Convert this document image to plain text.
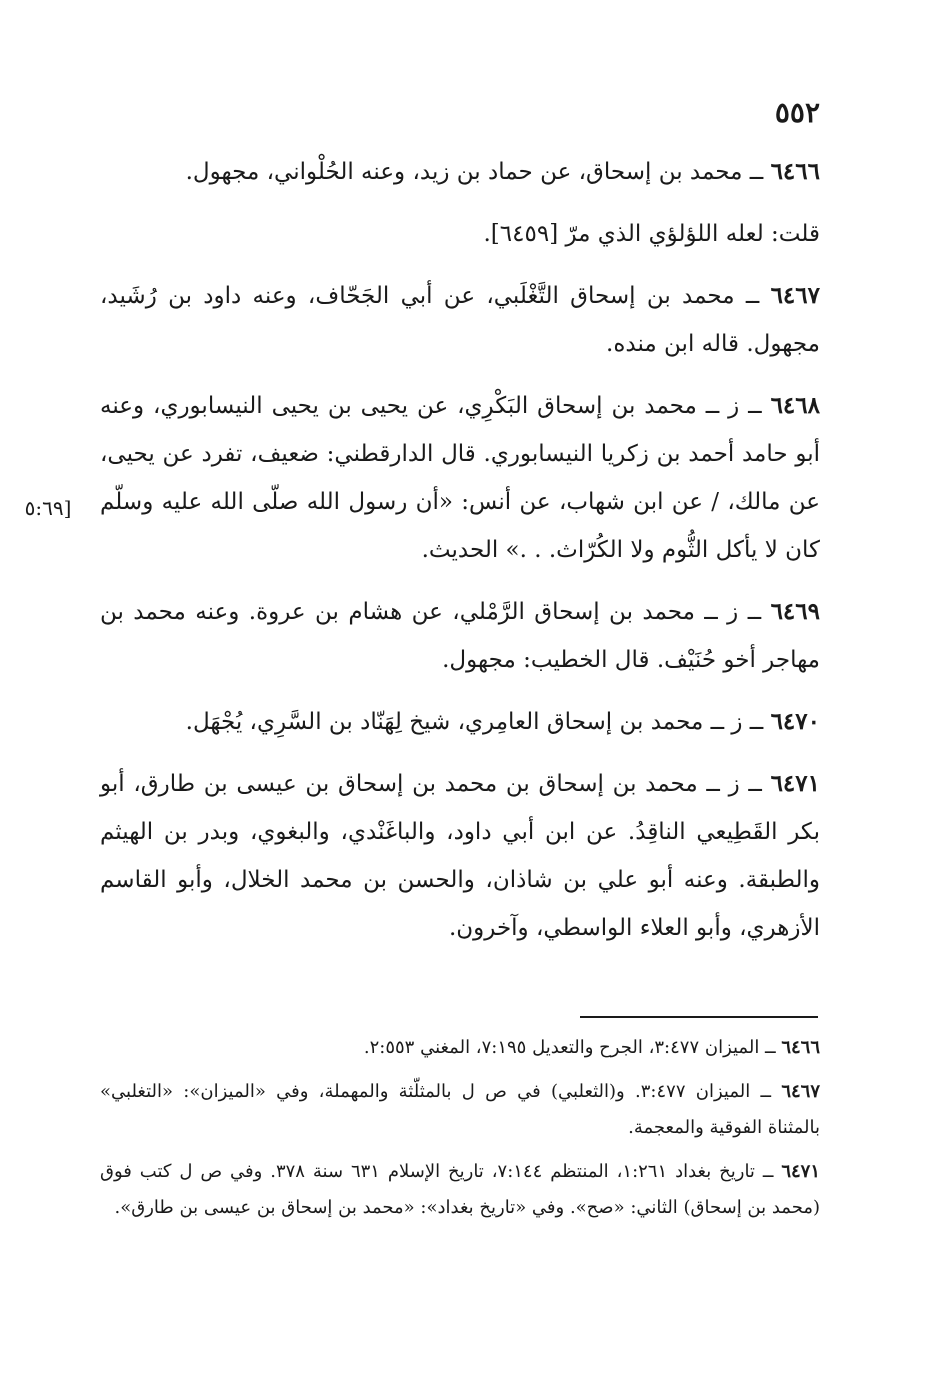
٥٥٢

٦٤٦٦ ــ محمد بن إسحاق، عن حماد بن زيد، وعنه الحُلْواني، مجهول.

قلت: لعله اللؤلؤي الذي مرّ [٦٤٥٩].

٦٤٦٧ ــ محمد بن إسحاق التَّغْلَبي، عن أبي الجَحّاف، وعنه داود بن رُشَيد، مجهول. قاله ابن منده.

٦٤٦٨ ــ ز ــ محمد بن إسحاق البَكْرِي، عن يحيى بن يحيى النيسابوري، وعنه أبو حامد أحمد بن زكريا النيسابوري. قال الدارقطني: ضعيف، تفرد عن يحيى، عن مالك، / عن ابن شهاب، عن أنس: «أن رسول الله صلّى الله عليه وسلّم كان لا يأكل الثُّوم ولا الكُرّاث. . .» الحديث.

٦٤٦٩ ــ ز ــ محمد بن إسحاق الرَّمْلي، عن هشام بن عروة. وعنه محمد بن مهاجر أخو حُنَيْف. قال الخطيب: مجهول.

٦٤٧٠ ــ ز ــ محمد بن إسحاق العامِري، شيخ لِهَنّاد بن السَّرِي، يُجْهَل.

٦٤٧١ ــ ز ــ محمد بن إسحاق بن محمد بن إسحاق بن عيسى بن طارق، أبو بكر القَطِيعي الناقِدُ. عن ابن أبي داود، والباغَنْدي، والبغوي، وبدر بن الهيثم والطبقة. وعنه أبو علي بن شاذان، والحسن بن محمد الخلال، وأبو القاسم الأزهري، وأبو العلاء الواسطي، وآخرون.

[٥:٦٩

٦٤٦٦ ــ الميزان ٣:٤٧٧، الجرح والتعديل ٧:١٩٥، المغني ٢:٥٥٣.

٦٤٦٧ ــ الميزان ٣:٤٧٧. و(الثعلبي) في ص ل بالمثلّثة والمهملة، وفي «الميزان»: «التغلبي» بالمثناة الفوقية والمعجمة.

٦٤٧١ ــ تاريخ بغداد ١:٢٦١، المنتظم ٧:١٤٤، تاريخ الإسلام ٦٣١ سنة ٣٧٨. وفي ص ل كتب فوق (محمد بن إسحاق) الثاني: «صح». وفي «تاريخ بغداد»: «محمد بن إسحاق بن عيسى بن طارق».
